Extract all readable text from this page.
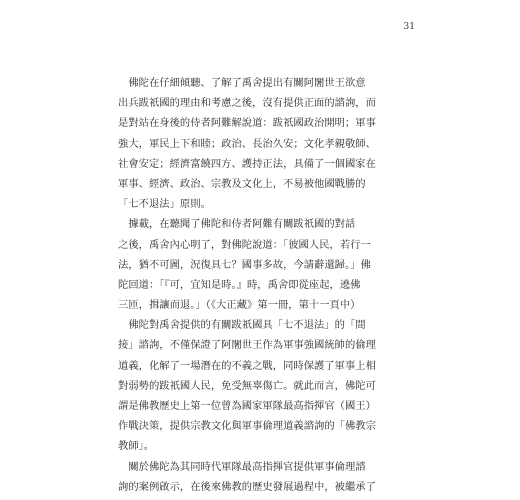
31
　佛陀在仔細傾聽、了解了禹舍提出有關阿闍世王欲意
出兵跋祇國的理由和考慮之後，沒有提供正面的諮詢，而
是對站在身後的侍者阿難解說道：跋祇國政治開明；軍事
強大，軍民上下和睦；政治、長治久安；文化孝親敬師、
社會安定；經濟富饒四方、護持正法，具備了一個國家在
軍事、經濟、政治、宗教及文化上，不易被他國戰勝的
「七不退法」原則。
　據載，在聽聞了佛陀和侍者阿難有關跋祇國的對話
之後，禹舍內心明了，對佛陀說道：「彼國人民，若行一
法，猶不可圖，況復具七？國事多故，今請辭還歸。」佛
陀回道：「『可，宜知是時。』時，禹舍即從座起，遶佛
三匝，揖讓而退。」（《大正藏》第一冊，第十一頁中）
　佛陀對禹舍提供的有關跋祇國具「七不退法」的「間
接」諮詢，不僅保證了阿闍世王作為軍事強國統帥的倫理
道義，化解了一場潛在的不義之戰，同時保護了軍事上相
對弱勢的跋祇國人民，免受無辜傷亡。就此而言，佛陀可
謂是佛教歷史上第一位曾為國家軍隊最高指揮官（國王）
作戰決策，提供宗教文化與軍事倫理道義諮詢的「佛教宗
教師」。
　關於佛陀為其同時代軍隊最高指揮官提供軍事倫理諮
詢的案例啟示，在後來佛教的歷史發展過程中，被繼承了
